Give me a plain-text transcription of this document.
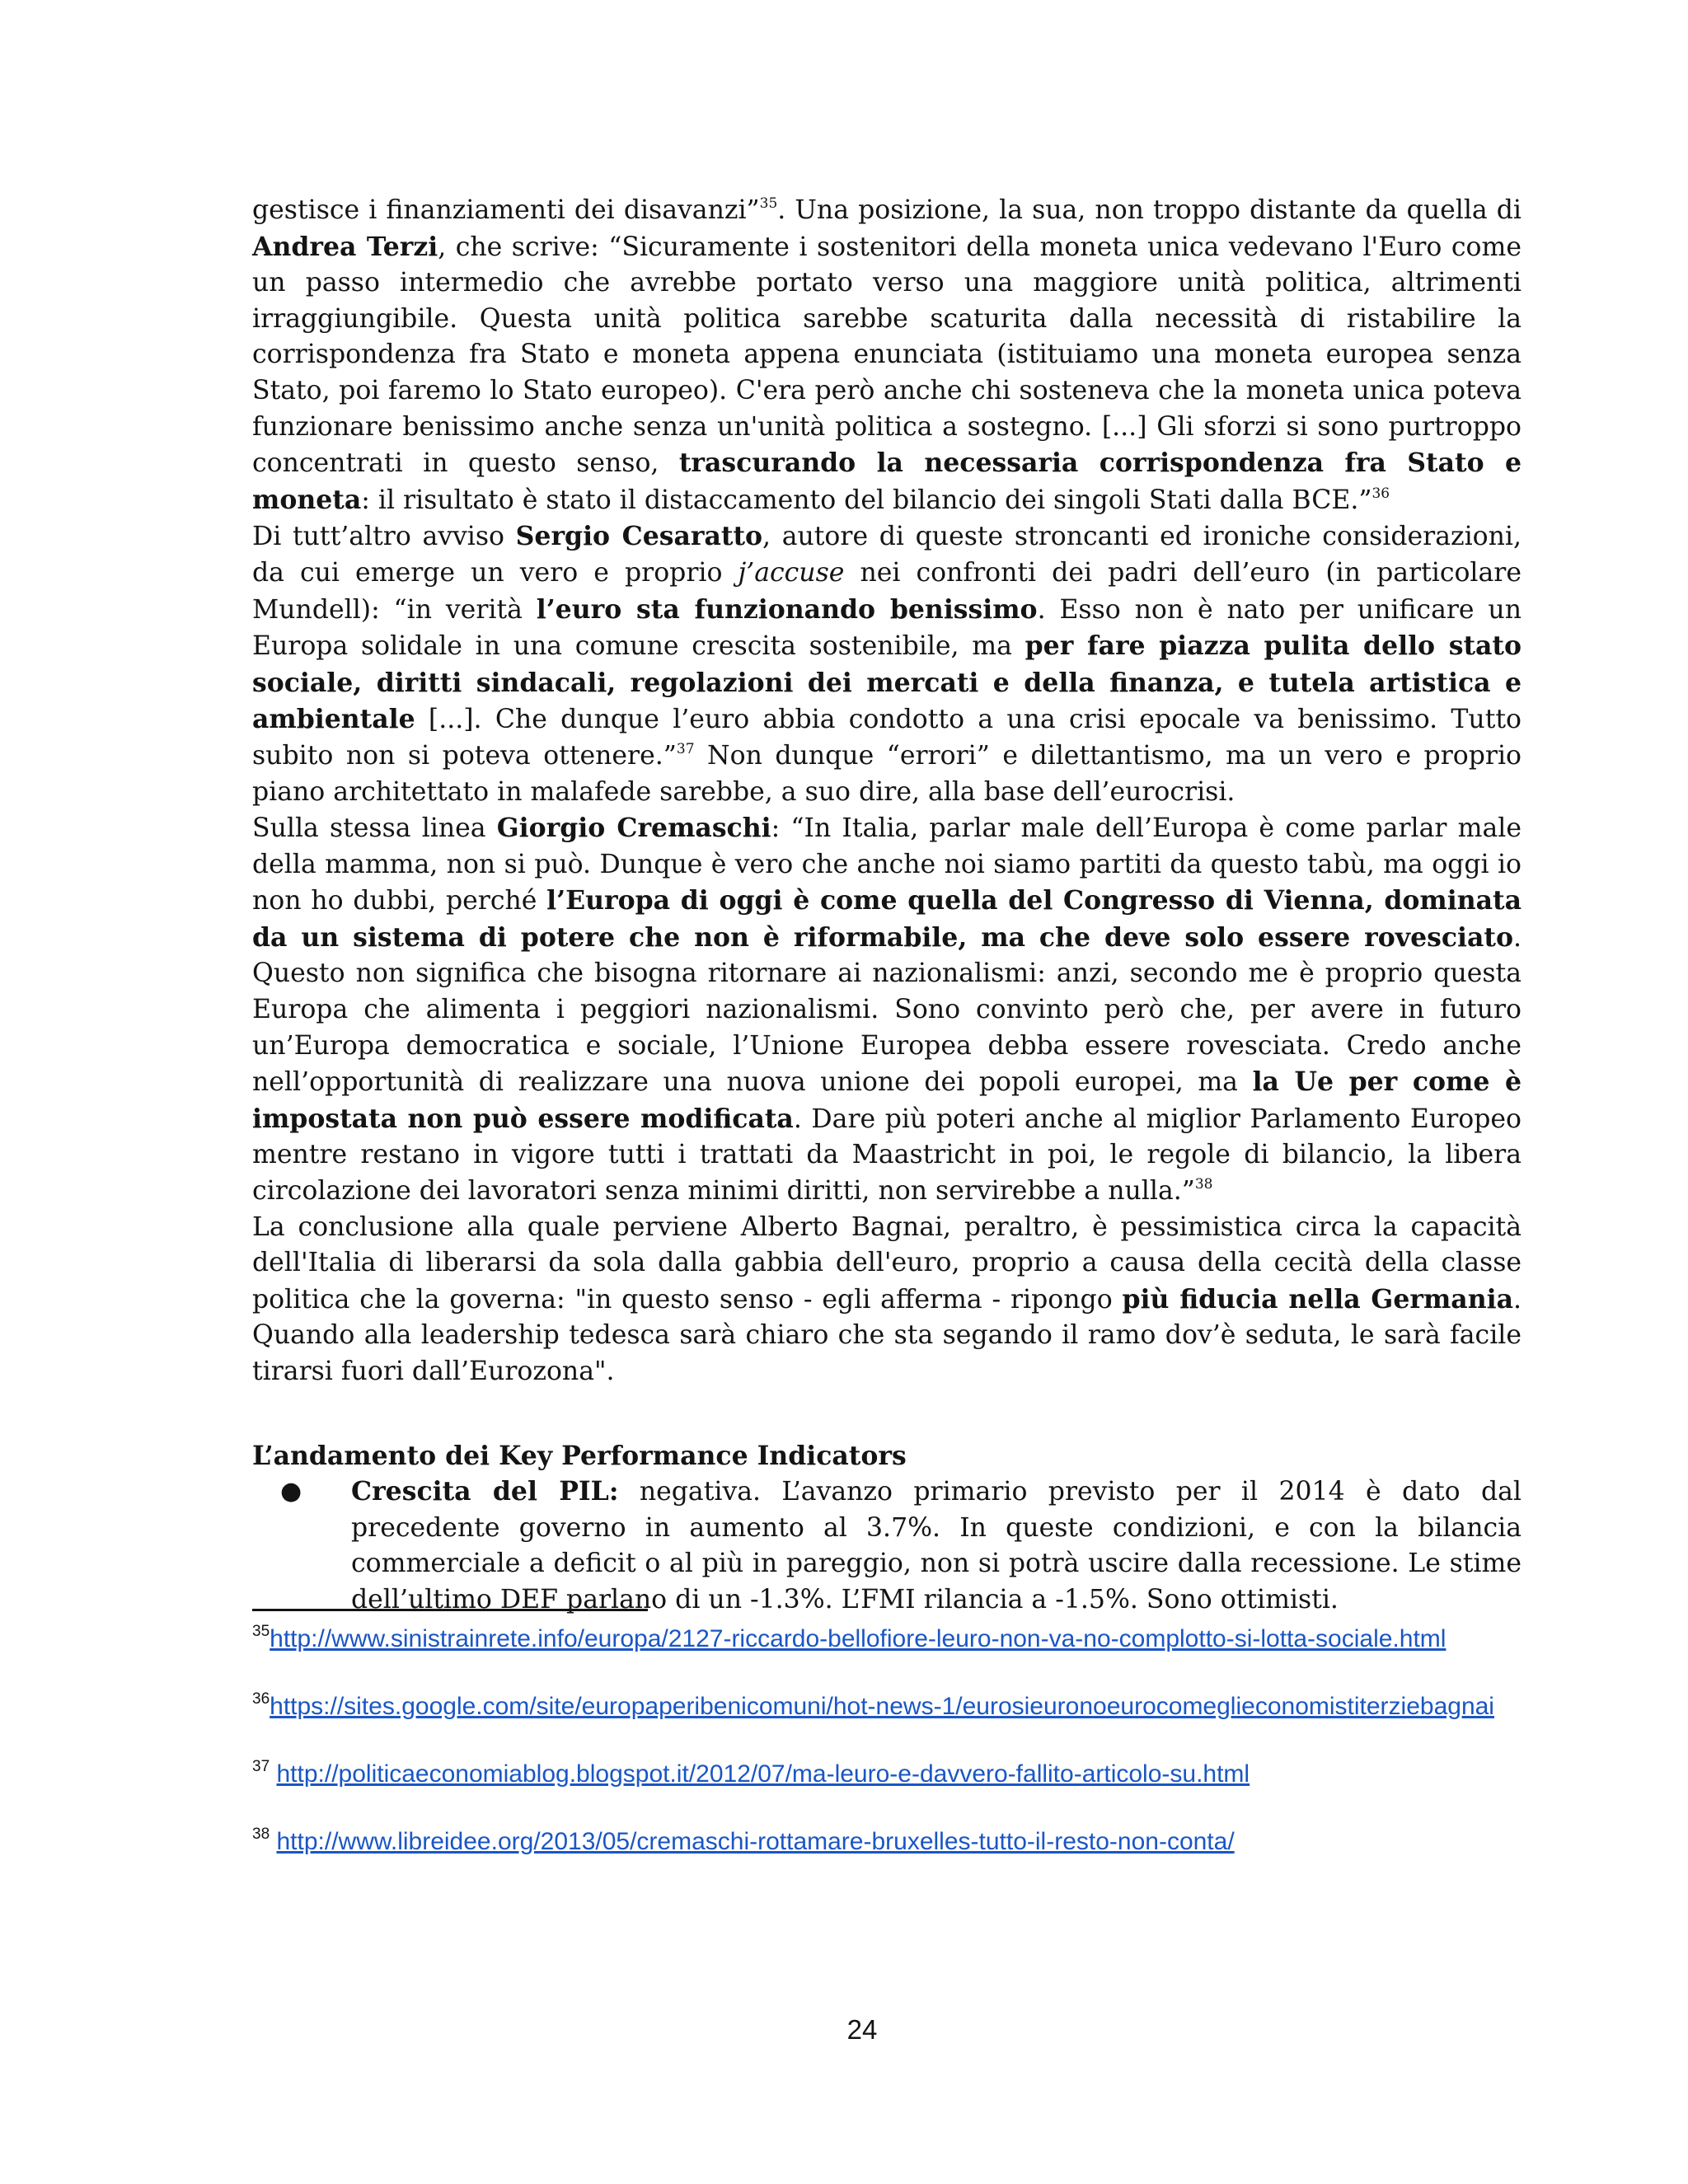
gestisce i finanziamenti dei disavanzi”$^{35}$. Una posizione, la sua, non troppo distante da quella di Andrea Terzi, che scrive: “Sicuramente i sostenitori della moneta unica vedevano l'Euro come un passo intermedio che avrebbe portato verso una maggiore unità politica, altrimenti irraggiungibile. Questa unità politica sarebbe scaturita dalla necessità di ristabilire la corrispondenza fra Stato e moneta appena enunciata (istituiamo una moneta europea senza Stato, poi faremo lo Stato europeo). C'era però anche chi sosteneva che la moneta unica poteva funzionare benissimo anche senza un'unità politica a sostegno. [...] Gli sforzi si sono purtroppo concentrati in questo senso, trascurando la necessaria corrispondenza fra Stato e moneta: il risultato è stato il distaccamento del bilancio dei singoli Stati dalla BCE.”$^{36}$

Di tutt’altro avviso Sergio Cesaratto, autore di queste stroncanti ed ironiche considerazioni, da cui emerge un vero e proprio j’accuse nei confronti dei padri dell’euro (in particolare Mundell): “in verità l’euro sta funzionando benissimo. Esso non è nato per unificare un Europa solidale in una comune crescita sostenibile, ma per fare piazza pulita dello stato sociale, diritti sindacali, regolazioni dei mercati e della finanza, e tutela artistica e ambientale [...]. Che dunque l’euro abbia condotto a una crisi epocale va benissimo. Tutto subito non si poteva ottenere.”$^{37}$ Non dunque “errori” e dilettantismo, ma un vero e proprio piano architettato in malafede sarebbe, a suo dire, alla base dell’eurocrisi.

Sulla stessa linea Giorgio Cremaschi: “In Italia, parlar male dell’Europa è come parlar male della mamma, non si può. Dunque è vero che anche noi siamo partiti da questo tabù, ma oggi io non ho dubbi, perché l’Europa di oggi è come quella del Congresso di Vienna, dominata da un sistema di potere che non è riformabile, ma che deve solo essere rovesciato. Questo non significa che bisogna ritornare ai nazionalismi: anzi, secondo me è proprio questa Europa che alimenta i peggiori nazionalismi. Sono convinto però che, per avere in futuro un’Europa democratica e sociale, l’Unione Europea debba essere rovesciata. Credo anche nell’opportunità di realizzare una nuova unione dei popoli europei, ma la Ue per come è impostata non può essere modificata. Dare più poteri anche al miglior Parlamento Europeo mentre restano in vigore tutti i trattati da Maastricht in poi, le regole di bilancio, la libera circolazione dei lavoratori senza minimi diritti, non servirebbe a nulla.”$^{38}$

La conclusione alla quale perviene Alberto Bagnai, peraltro, è pessimistica circa la capacità dell'Italia di liberarsi da sola dalla gabbia dell'euro, proprio a causa della cecità della classe politica che la governa: "in questo senso - egli afferma - ripongo più fiducia nella Germania. Quando alla leadership tedesca sarà chiaro che sta segando il ramo dov’è seduta, le sarà facile tirarsi fuori dall’Eurozona".

L’andamento dei Key Performance Indicators
● Crescita del PIL: negativa. L’avanzo primario previsto per il 2014 è dato dal precedente governo in aumento al 3.7%. In queste condizioni, e con la bilancia commerciale a deficit o al più in pareggio, non si potrà uscire dalla recessione. Le stime dell’ultimo DEF parlano di un -1.3%. L’FMI rilancia a -1.5%. Sono ottimisti.

$^{35}$http://www.sinistrainrete.info/europa/2127-riccardo-bellofiore-leuro-non-va-no-complotto-si-lotta-sociale.html

$^{36}$https://sites.google.com/site/europaperibenicomuni/hot-news-1/eurosieuronoeurocomeglieconomistiterziebagnai

$^{37}$ http://politicaeconomiablog.blogspot.it/2012/07/ma-leuro-e-davvero-fallito-articolo-su.html

$^{38}$ http://www.libreidee.org/2013/05/cremaschi-rottamare-bruxelles-tutto-il-resto-non-conta/

24
